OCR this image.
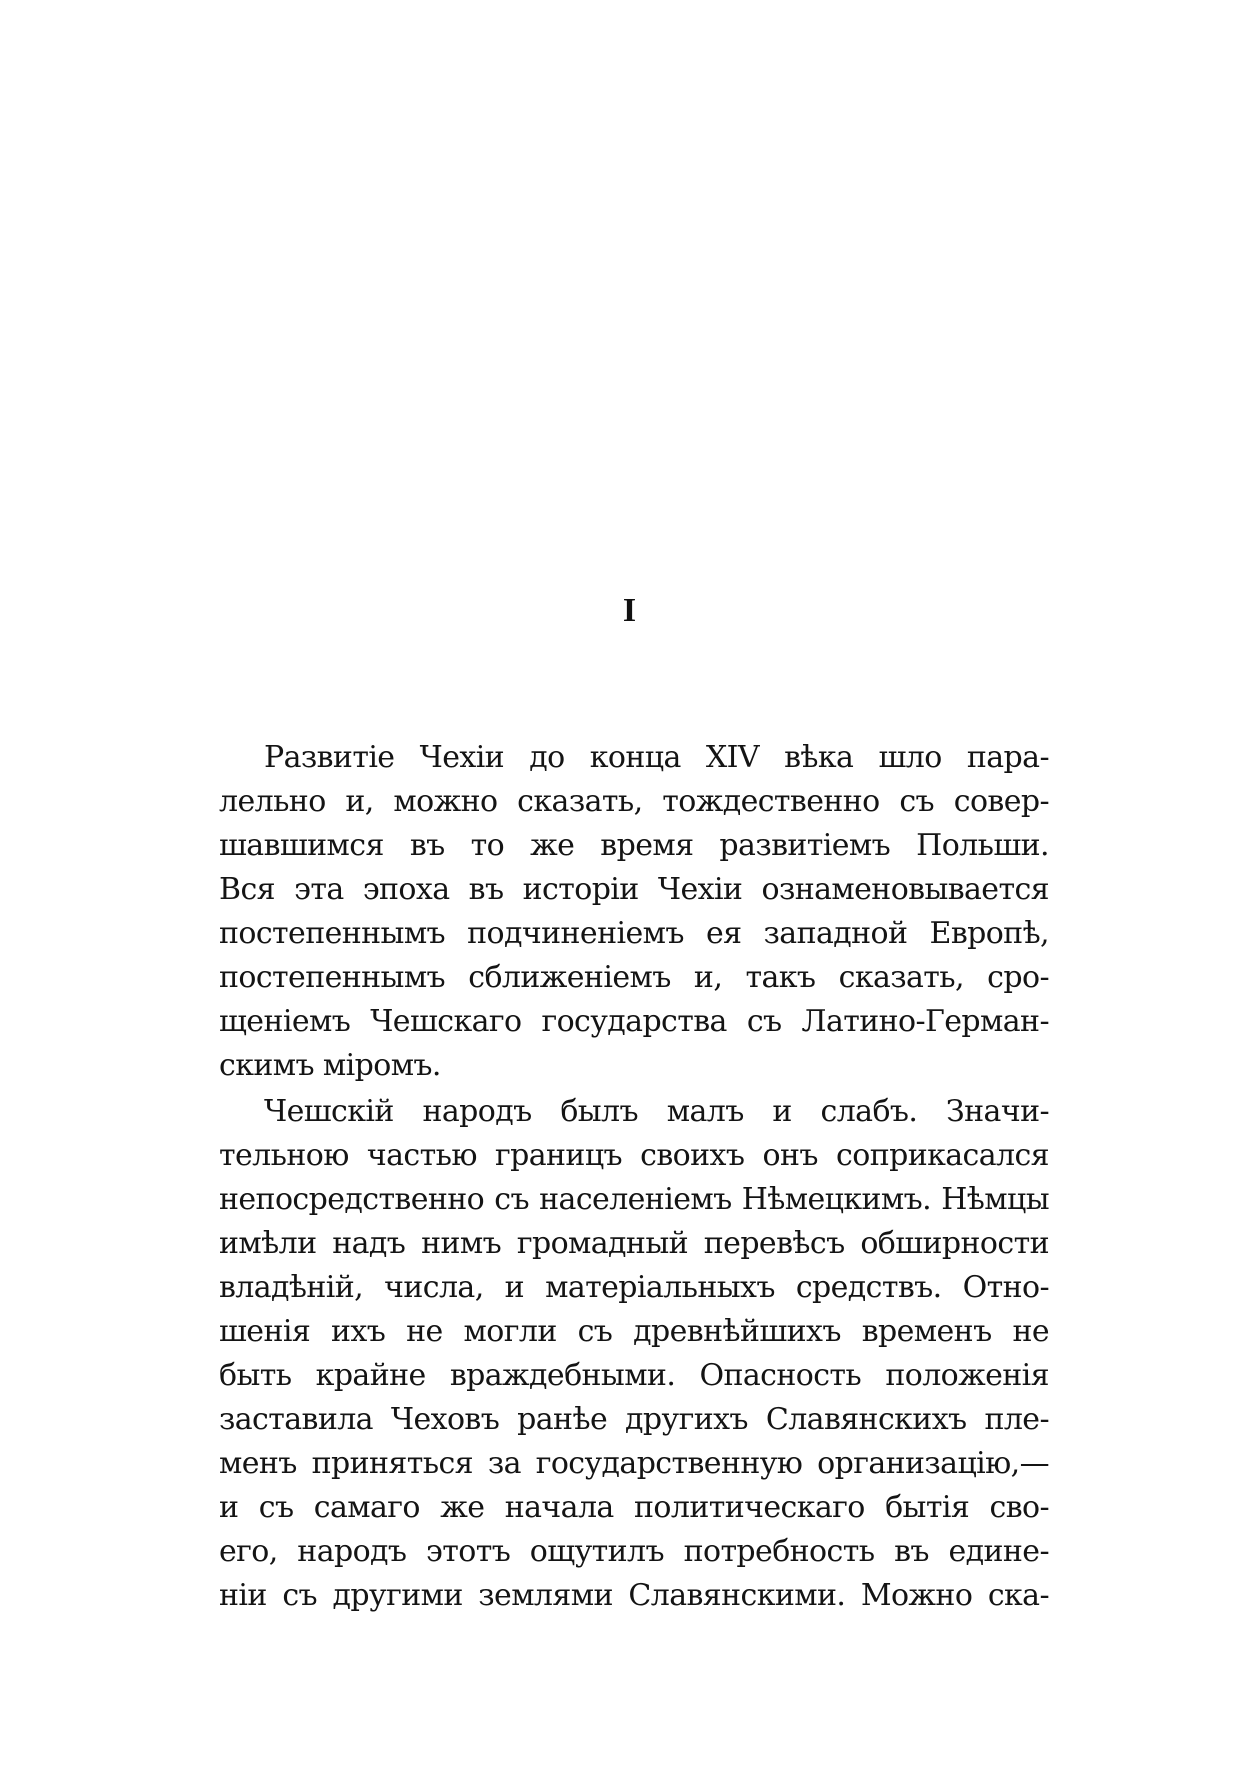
I

Развитіе Чехіи до конца XIV вѣка шло пара-
лельно и, можно сказать, тождественно съ совер-
шавшимся въ то же время развитіемъ Польши.
Вся эта эпоха въ исторіи Чехіи ознаменовывается
постепеннымъ подчиненіемъ ея западной Европѣ,
постепеннымъ сближеніемъ и, такъ сказать, сро-
щеніемъ Чешскаго государства съ Латино-Герман-
скимъ міромъ.

Чешскій народъ былъ малъ и слабъ. Значи-
тельною частью границъ своихъ онъ соприкасался
непосредственно съ населеніемъ Нѣмецкимъ. Нѣмцы
имѣли надъ нимъ громадный перевѣсъ обширности
владѣній, числа, и матеріальныхъ средствъ. Отно-
шенія ихъ не могли съ древнѣйшихъ временъ не
быть крайне враждебными. Опасность положенія
заставила Чеховъ ранѣе другихъ Славянскихъ пле-
менъ приняться за государственную организацію,—
и съ самаго же начала политическаго бытія сво-
его, народъ этотъ ощутилъ потребность въ едине-
ніи съ другими землями Славянскими. Можно ска-
